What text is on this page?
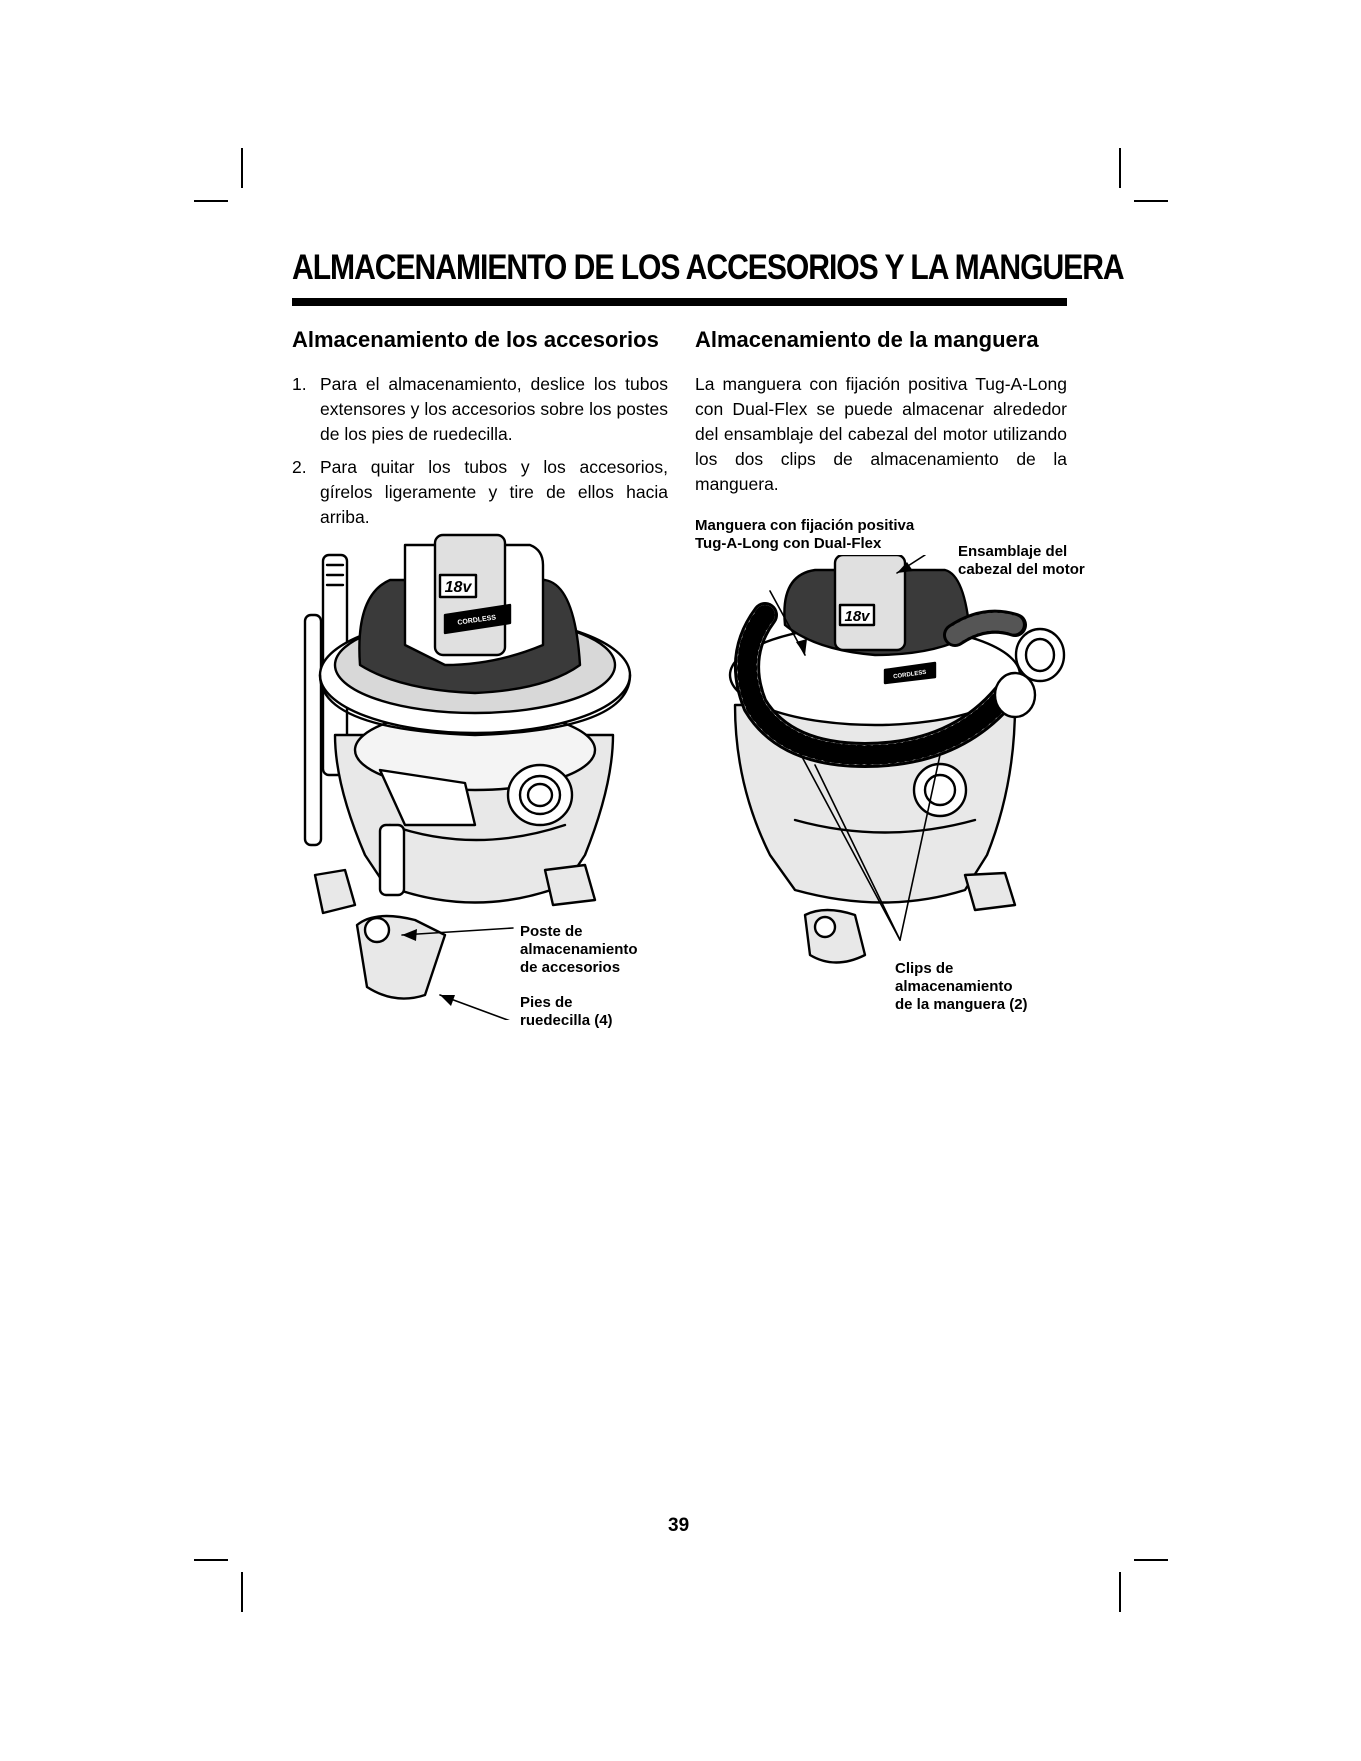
ALMACENAMIENTO DE LOS ACCESORIOS Y LA MANGUERA
Almacenamiento de los accesorios
1. Para el almacenamiento, deslice los tubos extensores y los accesorios sobre los postes de los pies de ruedecilla.
2. Para quitar los tubos y los accesorios, gírelos ligeramente y tire de ellos hacia arriba.
Almacenamiento de la manguera

La manguera con fijación positiva Tug-A-Long con Dual-Flex se puede almacenar alrededor del ensamblaje del cabezal del motor utilizando los dos clips de almacenamiento de la manguera.

18v
CORDLESS
Poste de
almacenamiento
de accesorios
Pies de
ruedecilla (4)
18v
CORDLESS
Manguera con fijación positiva
Tug-A-Long con Dual-Flex	Ensamblaje del
cabezal del motor
Clips de
almacenamiento
de la manguera (2)
39
